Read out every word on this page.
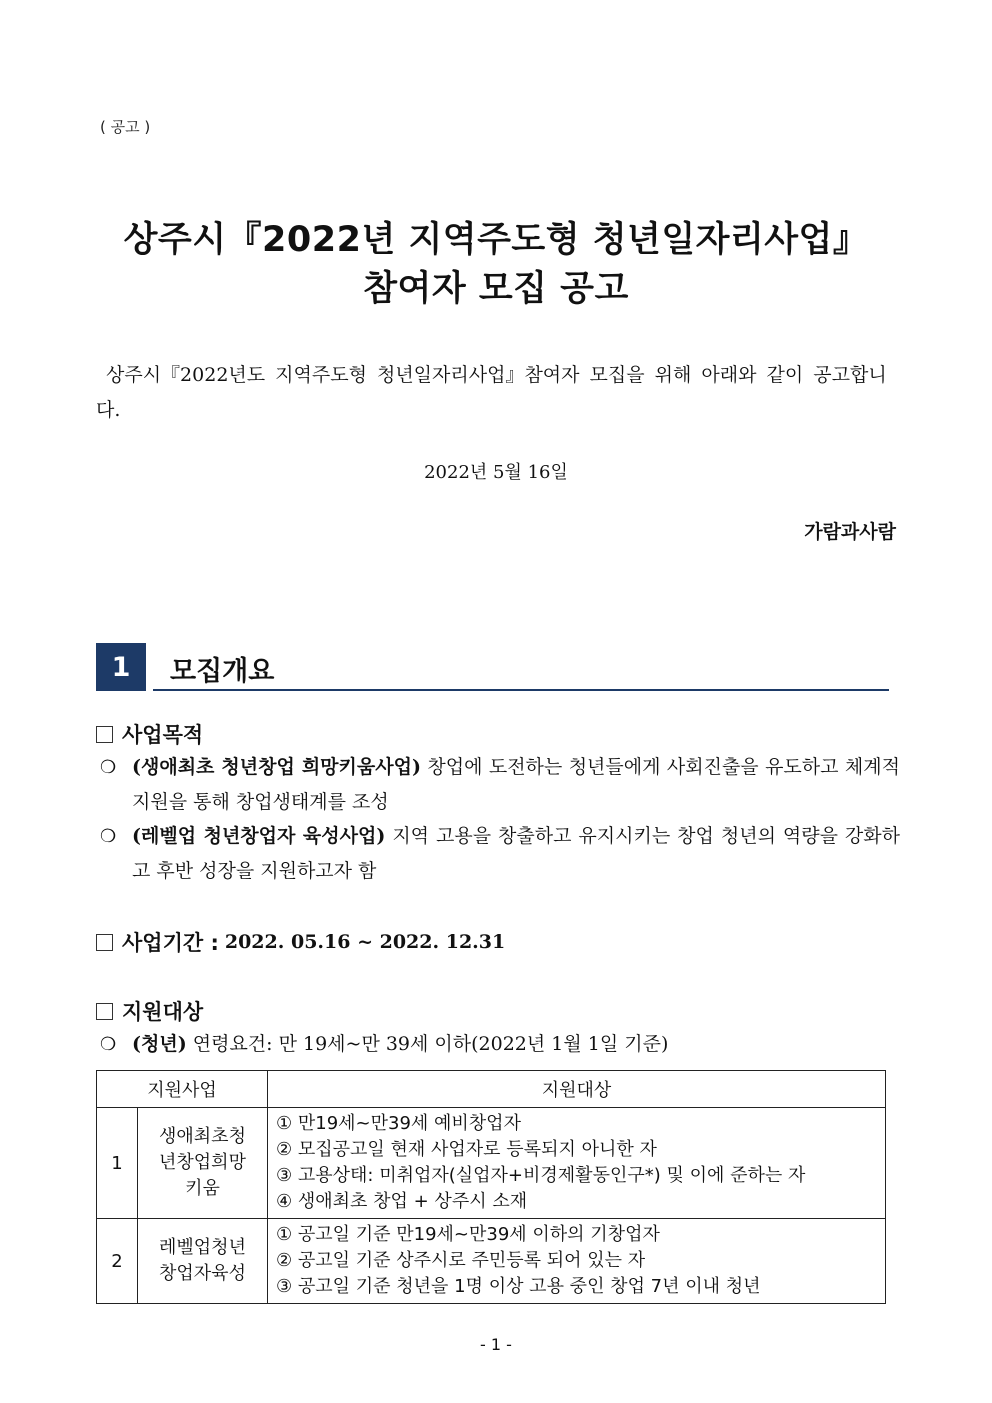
( 공고 )
상주시『2022년 지역주도형 청년일자리사업』
참여자 모집 공고
상주시『2022년도 지역주도형 청년일자리사업』참여자 모집을 위해 아래와 같이 공고합니다.
2022년 5월 16일
가람과사람
1	모집개요
사업목적
❍ (생애최초 청년창업 희망키움사업) 창업에 도전하는 청년들에게 사회진출을 유도하고 체계적 지원을 통해 창업생태계를 조성
❍ (레벨업 청년창업자 육성사업) 지역 고용을 창출하고 유지시키는 창업 청년의 역량을 강화하고 후반 성장을 지원하고자 함
사업기간 : 2022. 05.16 ~ 2022. 12.31
지원대상
❍ (청년) 연령요건: 만 19세~만 39세 이하(2022년 1월 1일 기준)
지원사업		지원대상
1	생애최초청년창업희망키움	① 만19세~만39세 예비창업자
② 모집공고일 현재 사업자로 등록되지 아니한 자
③ 고용상태: 미취업자(실업자+비경제활동인구*) 및 이에 준하는 자
④ 생애최초 창업 + 상주시 소재

2	레벨업청년창업자육성	① 공고일 기준 만19세~만39세 이하의 기창업자
② 공고일 기준 상주시로 주민등록 되어 있는 자
③ 공고일 기준 청년을 1명 이상 고용 중인 창업 7년 이내 청년
- 1 -
